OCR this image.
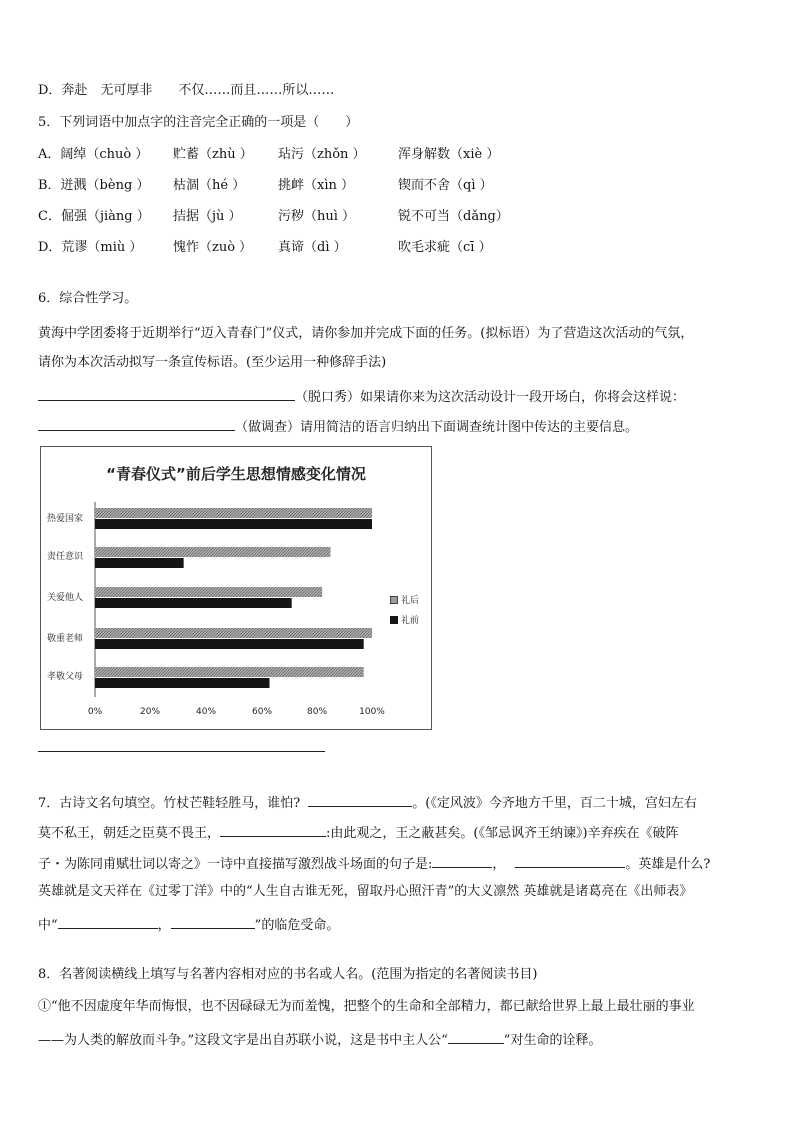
D．奔赴　无可厚非　　不仅……而且……所以……
5．下列词语中加点字的注音完全正确的一项是（　　）
A．阔绰（chuò ） 贮蓄（zhù ） 玷污（zhǒn ） 浑身解数（xiè ）
B．迸溅（bèng ） 枯涸（hé ）	挑衅（xìn ）	锲而不舍（qì ）
C．倔强（jiàng ） 拮据（jù ）	污秽（huì ）	锐不可当（dǎng）
D．荒谬（miù ） 愧怍（zuò ） 真谛（dì ）	吹毛求疵（cī ）
6．综合性学习。
黄海中学团委将于近期举行“迈入青春门”仪式，请你参加并完成下面的任务。(拟标语）为了营造这次活动的气氛，
请你为本次活动拟写一条宣传标语。(至少运用一种修辞手法)
（脱口秀）如果请你来为这次活动设计一段开场白，你将会这样说：
（做调查）请用简洁的语言归纳出下面调查统计图中传达的主要信息。
“青春仪式”前后学生思想情感变化情况
热爱国家
责任意识
关爱他人
敬重老师
孝敬父母
0%	20%	40%	60%	80%	100%
礼后
礼前
7．古诗文名句填空。竹杖芒鞋轻胜马，谁怕?	。(《定风波》今齐地方千里，百二十城，宫妇左右
莫不私王，朝廷之臣莫不畏王，	:由此观之，王之蔽甚矣。(《邹忌讽齐王纳谏》)辛弃疾在《破阵
子・为陈同甫赋壮词以寄之》一诗中直接描写激烈战斗场面的句子是:	，	。英雄是什么?
英雄就是文天祥在《过零丁洋》中的“人生自古谁无死，留取丹心照汗青”的大义凛然 英雄就是诸葛亮在《出师表》
中“	，	”的临危受命。
8．名著阅读横线上填写与名著内容相对应的书名或人名。(范围为指定的名著阅读书目)
①“他不因虚度年华而悔恨，也不因碌碌无为而羞愧，把整个的生命和全部精力，都已献给世界上最上最壮丽的事业
——为人类的解放而斗争。”这段文字是出自苏联小说，这是书中主人公“	”对生命的诠释。
